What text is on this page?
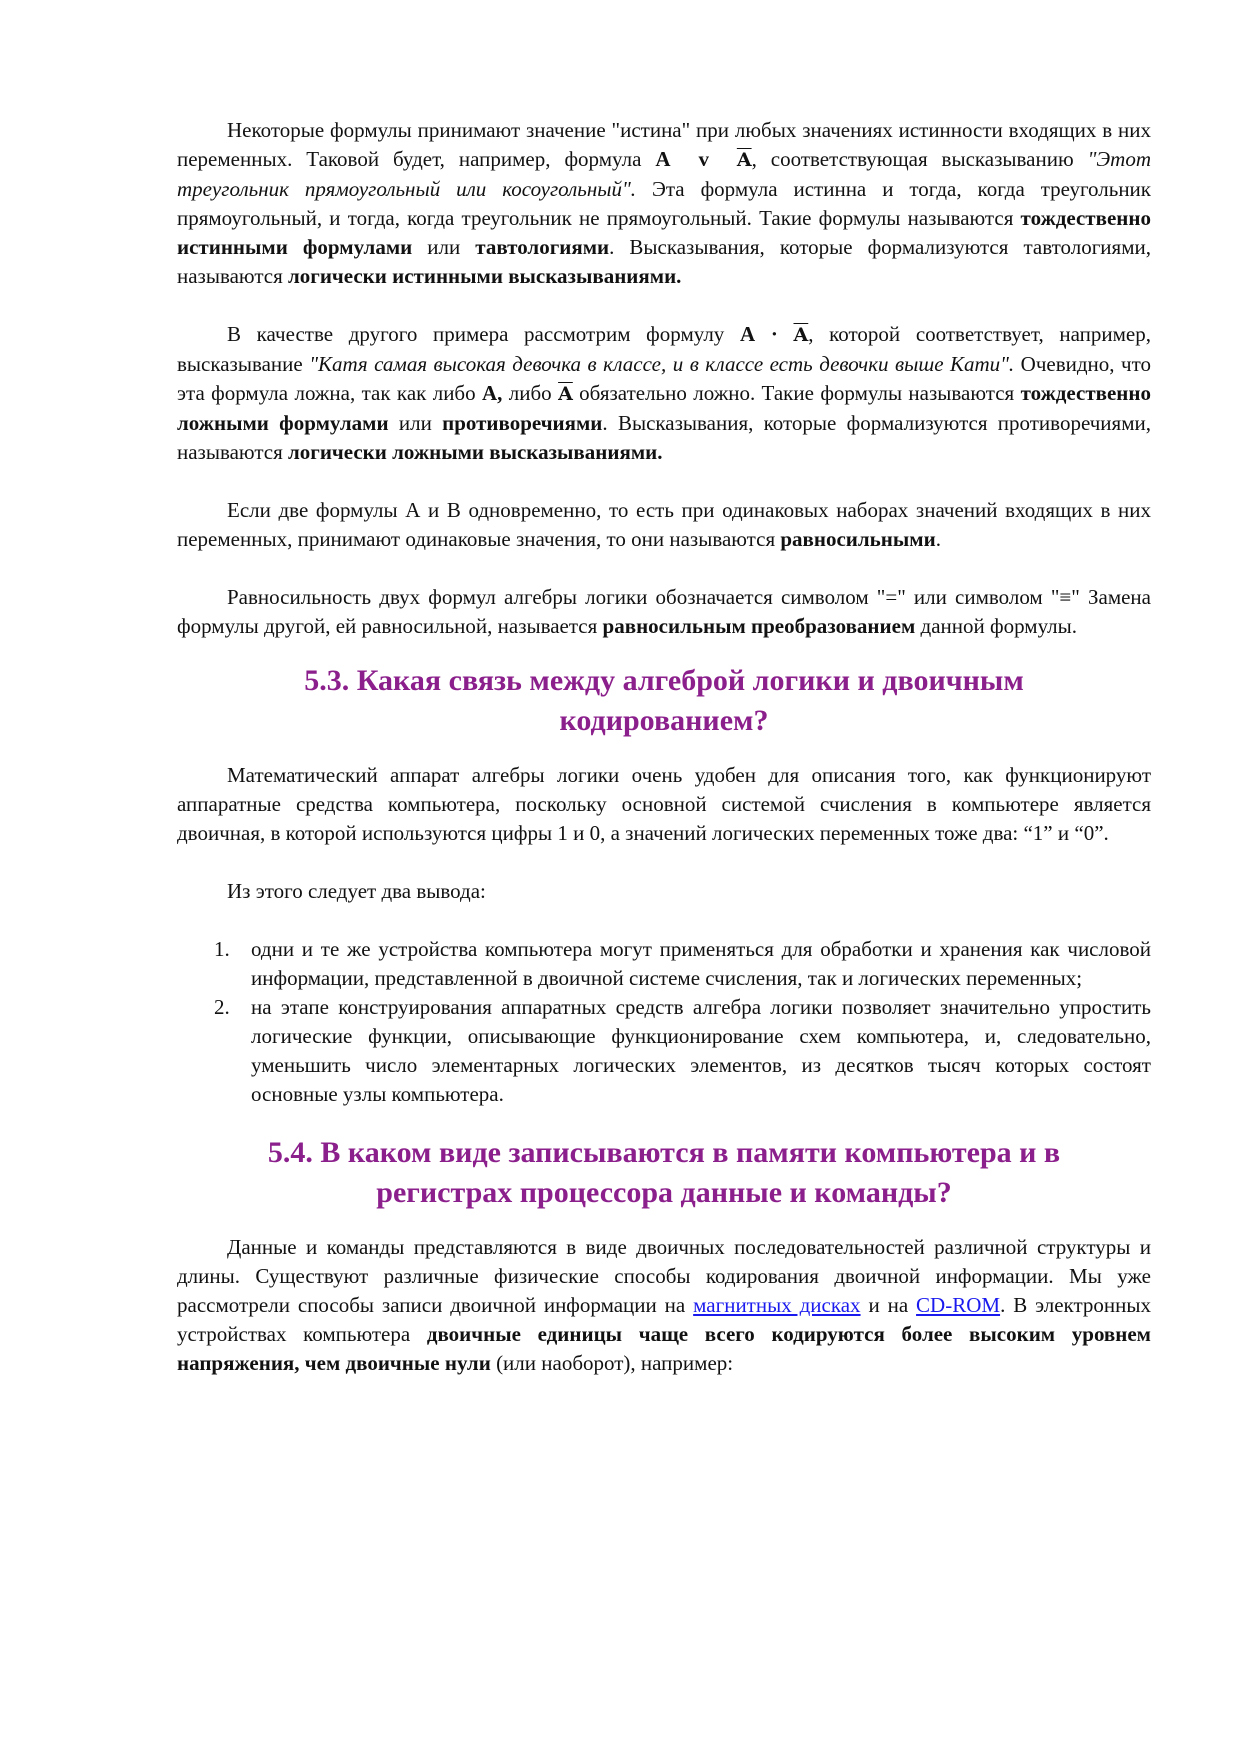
Некоторые формулы принимают значение "истина" при любых значениях истинности входящих в них переменных. Таковой будет, например, формула A v $\overline{A}$, соответствующая высказыванию "Этот треугольник прямоугольный или косоугольный". Эта формула истинна и тогда, когда треугольник прямоугольный, и тогда, когда треугольник не прямоугольный. Такие формулы называются тождественно истинными формулами или тавтологиями. Высказывания, которые формализуются тавтологиями, называются логически истинными высказываниями.

В качестве другого примера рассмотрим формулу $A \cdot \overline{A}$, которой соответствует, например, высказывание "Катя самая высокая девочка в классе, и в классе есть девочки выше Кати". Очевидно, что эта формула ложна, так как либо A, либо $\overline{A}$ обязательно ложно. Такие формулы называются тождественно ложными формулами или противоречиями. Высказывания, которые формализуются противоречиями, называются логически ложными высказываниями.

Если две формулы А и В одновременно, то есть при одинаковых наборах значений входящих в них переменных, принимают одинаковые значения, то они называются равносильными.

Равносильность двух формул алгебры логики обозначается символом "=" или символом "≡" Замена формулы другой, ей равносильной, называется равносильным преобразованием данной формулы.

5.3. Какая связь между алгеброй логики и двоичным кодированием?

Математический аппарат алгебры логики очень удобен для описания того, как функционируют аппаратные средства компьютера, поскольку основной системой счисления в компьютере является двоичная, в которой используются цифры 1 и 0, а значений логических переменных тоже два: “1” и “0”.

Из этого следует два вывода:

1. одни и те же устройства компьютера могут применяться для обработки и хранения как числовой информации, представленной в двоичной системе счисления, так и логических переменных;
2. на этапе конструирования аппаратных средств алгебра логики позволяет значительно упростить логические функции, описывающие функционирование схем компьютера, и, следовательно, уменьшить число элементарных логических элементов, из десятков тысяч которых состоят основные узлы компьютера.
5.4. В каком виде записываются в памяти компьютера и в регистрах процессора данные и команды?

Данные и команды представляются в виде двоичных последовательностей различной структуры и длины. Существуют различные физические способы кодирования двоичной информации. Мы уже рассмотрели способы записи двоичной информации на магнитных дисках и на CD-ROM. В электронных устройствах компьютера двоичные единицы чаще всего кодируются более высоким уровнем напряжения, чем двоичные нули (или наоборот), например:
